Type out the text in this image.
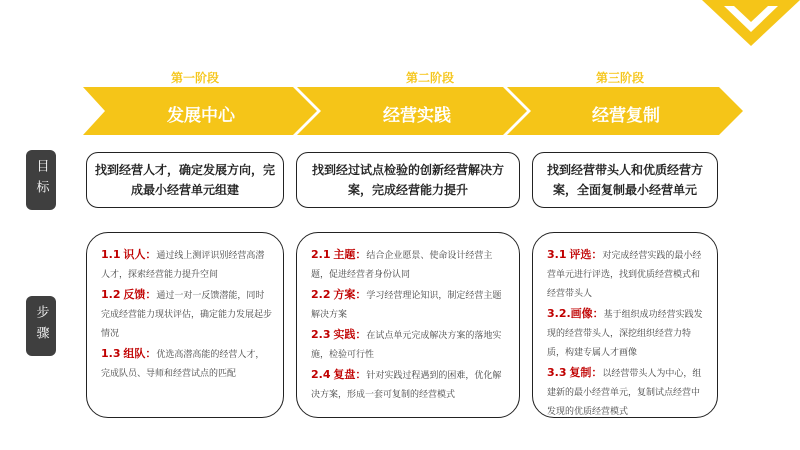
第一阶段	第二阶段	第三阶段
发展中心	经营实践	经营复制
目标
步骤
找到经营人才，确定发展方向，完成最小经营单元组建
找到经过试点检验的创新经营解决方案，完成经营能力提升
找到经营带头人和优质经营方案，全面复制最小经营单元

1.1 识人：通过线上测评识别经营高潜人才，探索经营能力提升空间

1.2 反馈：通过一对一反馈潜能，同时完成经营能力现状评估，确定能力发展起步情况

1.3 组队：优选高潜高能的经营人才，完成队员、导师和经营试点的匹配

2.1 主题：结合企业愿景、使命设计经营主题，促进经营者身份认同

2.2 方案：学习经营理论知识，制定经营主题解决方案

2.3 实践：在试点单元完成解决方案的落地实施，检验可行性

2.4 复盘：针对实践过程遇到的困难，优化解决方案，形成一套可复制的经营模式

3.1 评选：对完成经营实践的最小经营单元进行评选，找到优质经营模式和经营带头人

3.2.画像：基于组织成功经营实践发现的经营带头人，深挖组织经营力特质，构建专属人才画像

3.3 复制：以经营带头人为中心，组建新的最小经营单元，复制试点经营中发现的优质经营模式
